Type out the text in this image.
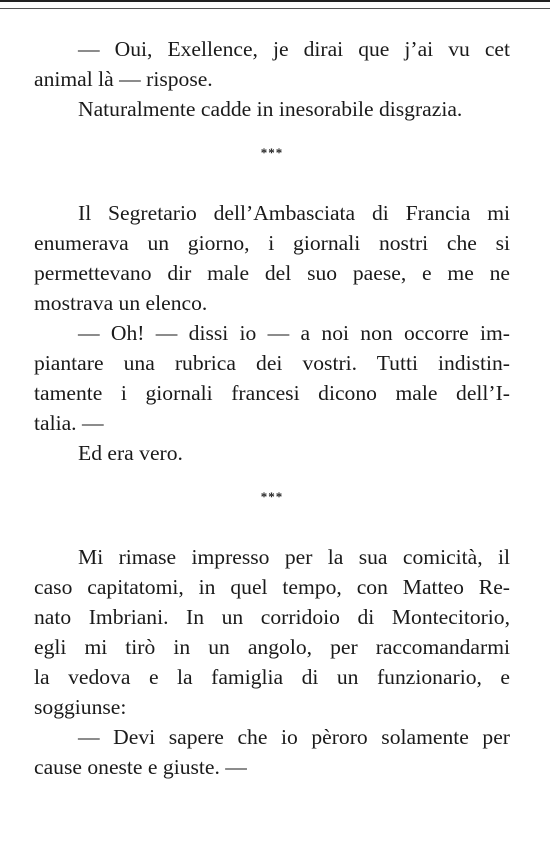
— Oui, Exellence, je dirai que j’ai vu cet
animal là — rispose.
Naturalmente cadde in inesorabile disgrazia.
***
Il Segretario dell’Ambasciata di Francia mi
enumerava un giorno, i giornali nostri che si
permettevano dir male del suo paese, e me ne
mostrava un elenco.
— Oh! — dissi io — a noi non occorre im-
piantare una rubrica dei vostri. Tutti indistin-
tamente i giornali francesi dicono male dell’I-
talia. —
Ed era vero.
***
Mi rimase impresso per la sua comicità, il
caso capitatomi, in quel tempo, con Matteo Re-
nato Imbriani. In un corridoio di Montecitorio,
egli mi tirò in un angolo, per raccomandarmi
la vedova e la famiglia di un funzionario, e
soggiunse:
— Devi sapere che io pèroro solamente per
cause oneste e giuste. —
